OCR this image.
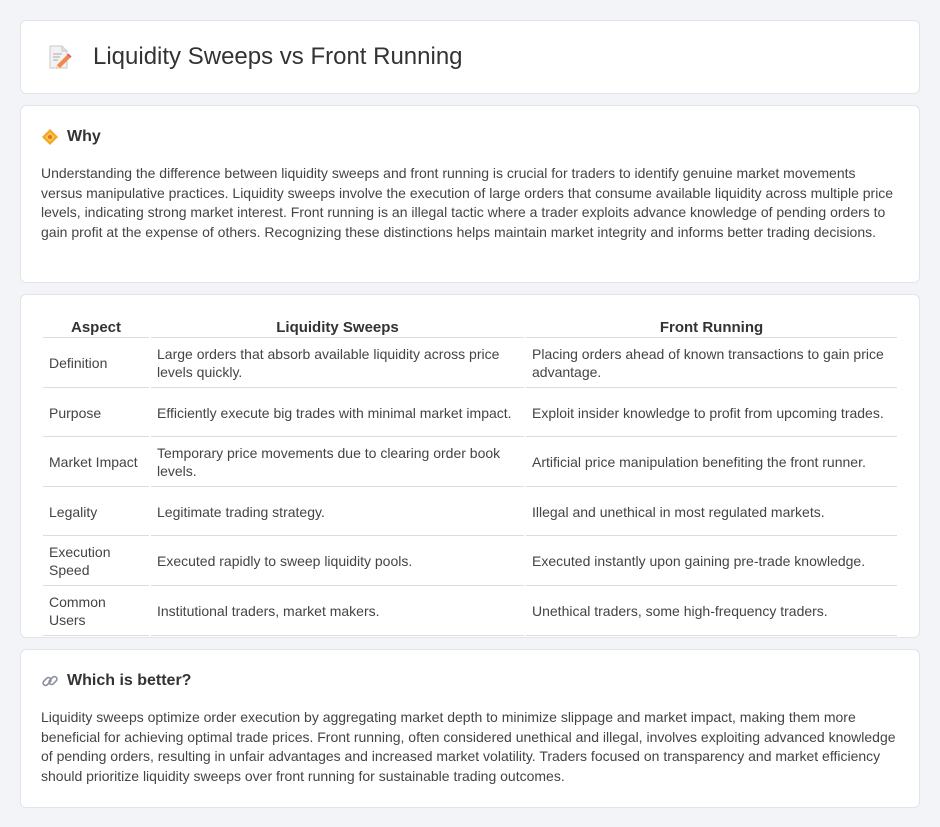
Liquidity Sweeps vs Front Running
Why

Understanding the difference between liquidity sweeps and front running is crucial for traders to identify genuine market movements versus manipulative practices. Liquidity sweeps involve the execution of large orders that consume available liquidity across multiple price levels, indicating strong market interest. Front running is an illegal tactic where a trader exploits advance knowledge of pending orders to gain profit at the expense of others. Recognizing these distinctions helps maintain market integrity and informs better trading decisions.

Aspect	Liquidity Sweeps	Front Running
Definition	Large orders that absorb available liquidity across price levels quickly.	Placing orders ahead of known transactions to gain price advantage.
Purpose	Efficiently execute big trades with minimal market impact.	Exploit insider knowledge to profit from upcoming trades.
Market Impact	Temporary price movements due to clearing order book levels.	Artificial price manipulation benefiting the front runner.
Legality	Legitimate trading strategy.	Illegal and unethical in most regulated markets.
Execution Speed	Executed rapidly to sweep liquidity pools.	Executed instantly upon gaining pre-trade knowledge.
Common Users	Institutional traders, market makers.	Unethical traders, some high-frequency traders.
Which is better?

Liquidity sweeps optimize order execution by aggregating market depth to minimize slippage and market impact, making them more beneficial for achieving optimal trade prices. Front running, often considered unethical and illegal, involves exploiting advanced knowledge of pending orders, resulting in unfair advantages and increased market volatility. Traders focused on transparency and market efficiency should prioritize liquidity sweeps over front running for sustainable trading outcomes.
